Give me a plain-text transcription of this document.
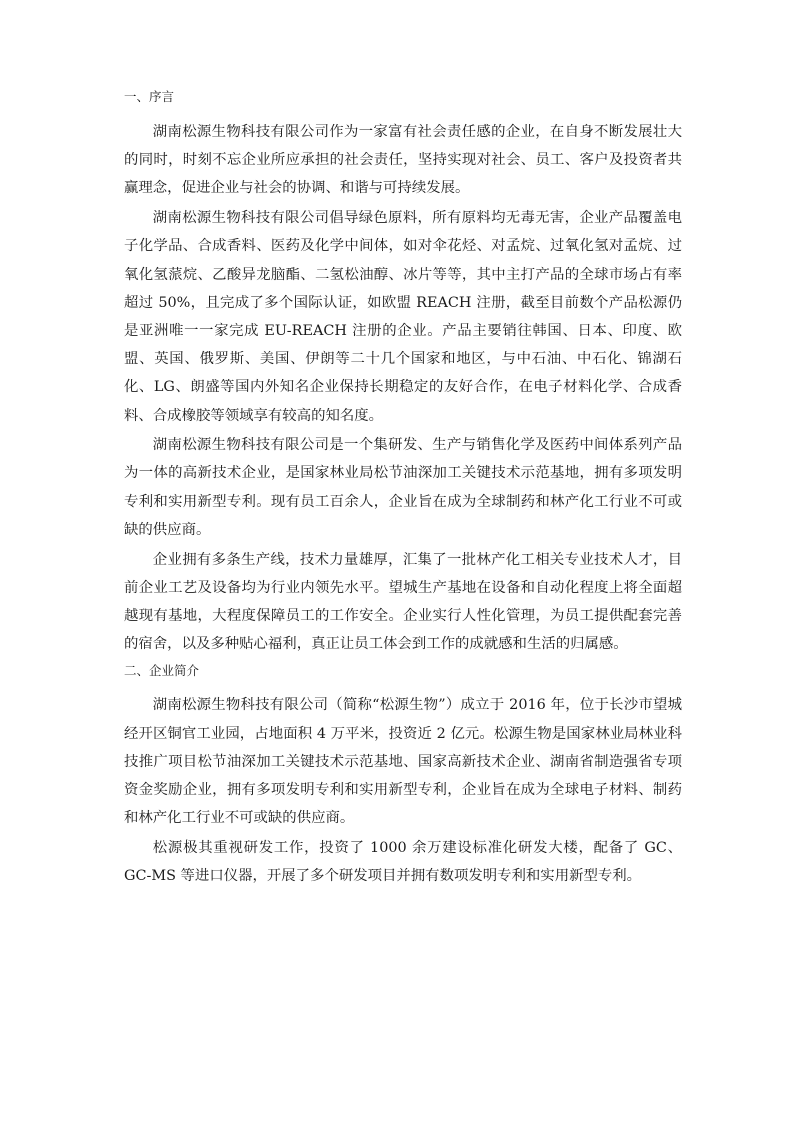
一、序言

湖南松源生物科技有限公司作为一家富有社会责任感的企业，在自身不断发展壮大的同时，时刻不忘企业所应承担的社会责任，坚持实现对社会、员工、客户及投资者共赢理念，促进企业与社会的协调、和谐与可持续发展。

湖南松源生物科技有限公司倡导绿色原料，所有原料均无毒无害，企业产品覆盖电子化学品、合成香料、医药及化学中间体，如对伞花烃、对孟烷、过氧化氢对孟烷、过氧化氢蒎烷、乙酸异龙脑酯、二氢松油醇、冰片等等，其中主打产品的全球市场占有率超过 50%，且完成了多个国际认证，如欧盟 REACH 注册，截至目前数个产品松源仍是亚洲唯一一家完成 EU-REACH 注册的企业。产品主要销往韩国、日本、印度、欧盟、英国、俄罗斯、美国、伊朗等二十几个国家和地区，与中石油、中石化、锦湖石化、LG、朗盛等国内外知名企业保持长期稳定的友好合作，在电子材料化学、合成香料、合成橡胶等领域享有较高的知名度。

湖南松源生物科技有限公司是一个集研发、生产与销售化学及医药中间体系列产品为一体的高新技术企业，是国家林业局松节油深加工关键技术示范基地，拥有多项发明专利和实用新型专利。现有员工百余人，企业旨在成为全球制药和林产化工行业不可或缺的供应商。

企业拥有多条生产线，技术力量雄厚，汇集了一批林产化工相关专业技术人才，目前企业工艺及设备均为行业内领先水平。望城生产基地在设备和自动化程度上将全面超越现有基地，大程度保障员工的工作安全。企业实行人性化管理，为员工提供配套完善的宿舍，以及多种贴心福利，真正让员工体会到工作的成就感和生活的归属感。

二、企业简介

湖南松源生物科技有限公司（简称“松源生物”）成立于 2016 年，位于长沙市望城经开区铜官工业园，占地面积 4 万平米，投资近 2 亿元。松源生物是国家林业局林业科技推广项目松节油深加工关键技术示范基地、国家高新技术企业、湖南省制造强省专项资金奖励企业，拥有多项发明专利和实用新型专利，企业旨在成为全球电子材料、制药和林产化工行业不可或缺的供应商。

松源极其重视研发工作，投资了 1000 余万建设标准化研发大楼，配备了 GC、GC-MS 等进口仪器，开展了多个研发项目并拥有数项发明专利和实用新型专利。
